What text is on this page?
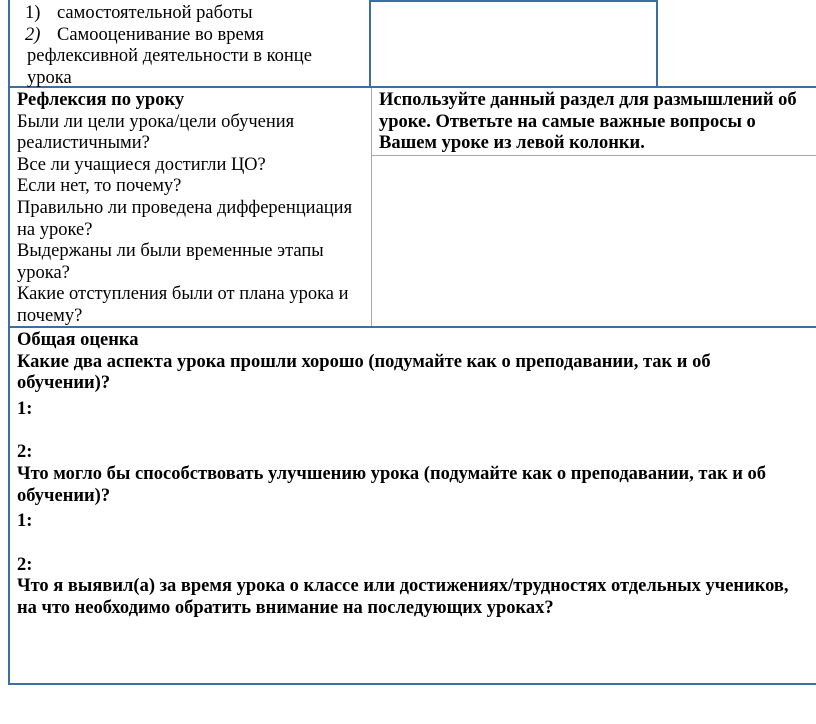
1) самостоятельной работы
2) Самооценивание во время
рефлексивной деятельности в конце
урока
Рефлексия по уроку
Были ли цели урока/цели обучения
реалистичными?
Все ли учащиеся достигли ЦО?
Если нет, то почему?
Правильно ли проведена дифференциация
на уроке?
Выдержаны ли были временные этапы
урока?
Какие отступления были от плана урока и
почему?
Используйте данный раздел для размышлений об
уроке. Ответьте на самые важные вопросы о
Вашем уроке из левой колонки.
Общая оценка
Какие два аспекта урока прошли хорошо (подумайте как о преподавании, так и об
обучении)?
1:
2:
Что могло бы способствовать улучшению урока (подумайте как о преподавании, так и об
обучении)?
1:
2:
Что я выявил(а) за время урока о классе или достижениях/трудностях отдельных учеников,
на что необходимо обратить внимание на последующих уроках?
